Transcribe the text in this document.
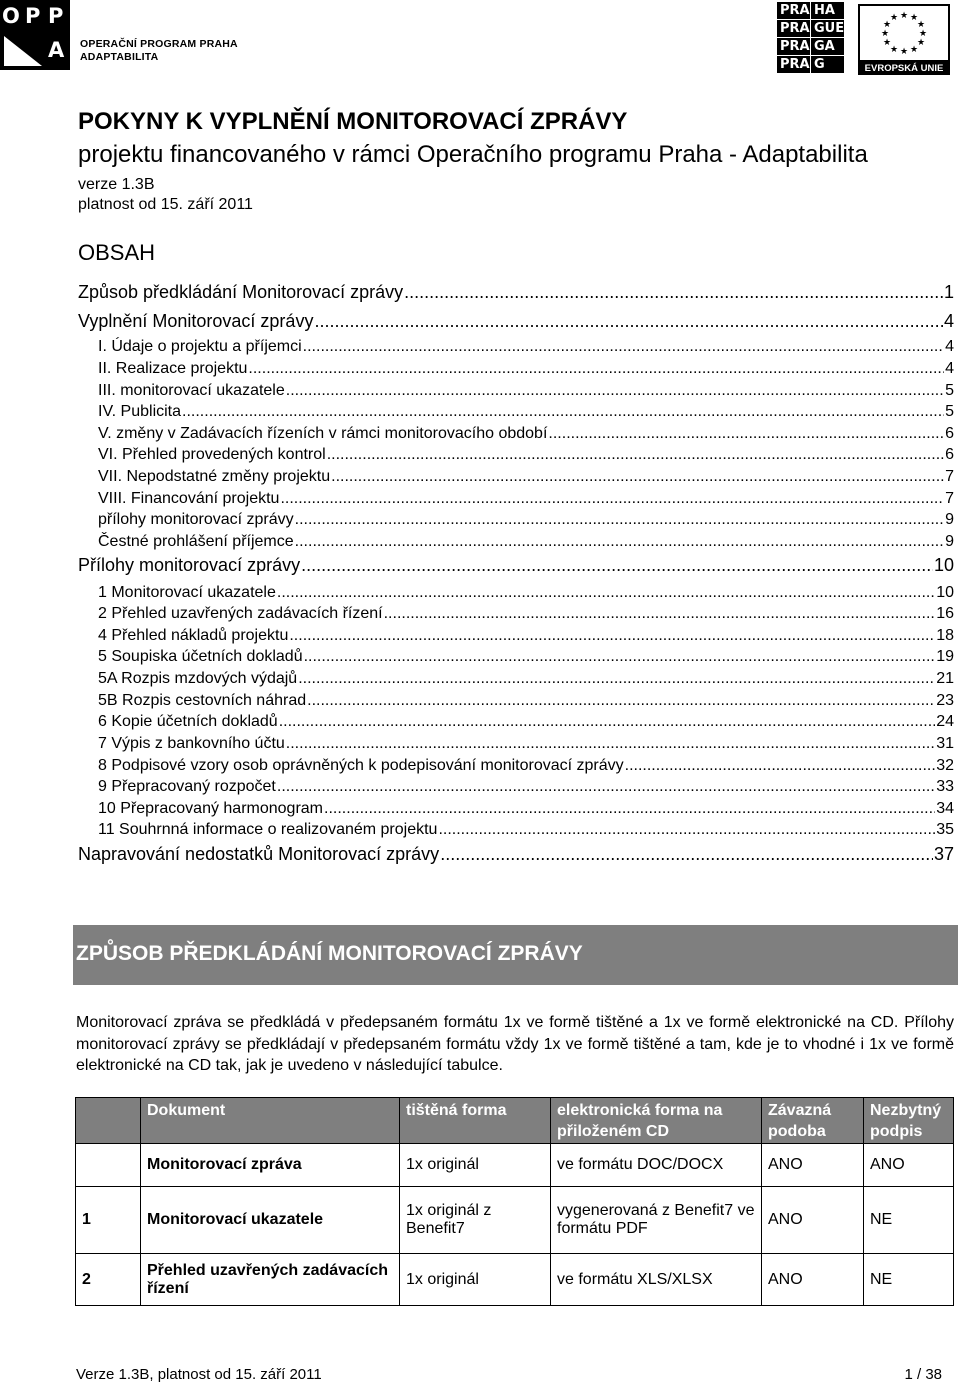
O P P
A OPERAČNÍ PROGRAM PRAHA
ADAPTABILITA
PRA HA
PRA GUE
PRA GA
PRA G
★ ★
★
★
★
★
★
★
★
★
★
★
EVROPSKÁ UNIE
POKYNY K VYPLNĚNÍ MONITOROVACÍ ZPRÁVY
projektu financovaného v rámci Operačního programu Praha - Adaptabilita
verze 1.3B
platnost od 15. září 2011
OBSAH
Způsob předkládání Monitorovací zprávy .....	1
Vyplnění Monitorovací zprávy .....	4
I. Údaje o projektu a příjemci .....	4
II. Realizace projektu .....	4
III. monitorovací ukazatele .....	5
IV. Publicita .....	5
V. změny v Zadávacích řízeních v rámci monitorovacího období .....	6
VI. Přehled provedených kontrol .....	6
VII. Nepodstatné změny projektu .....	7
VIII. Financování projektu .....	7
přílohy monitorovací zprávy .....	9
Čestné prohlášení příjemce .....	9
Přílohy monitorovací zprávy .....	10
1 Monitorovací ukazatele .....	10
2 Přehled uzavřených zadávacích řízení .....	16
4 Přehled nákladů projektu .....	18
5 Soupiska účetních dokladů .....	19
5A Rozpis mzdových výdajů .....	21
5B Rozpis cestovních náhrad .....	23
6 Kopie účetních dokladů .....	24
7 Výpis z bankovního účtu .....	31
8 Podpisové vzory osob oprávněných k podepisování monitorovací zprávy .....	32
9 Přepracovaný rozpočet .....	33
10 Přepracovaný harmonogram .....	34
11 Souhrnná informace o realizovaném projektu .....	35
Napravování nedostatků Monitorovací zprávy .....	37
ZPŮSOB PŘEDKLÁDÁNÍ MONITOROVACÍ ZPRÁVY
Monitorovací zpráva se předkládá v předepsaném formátu 1x ve formě tištěné a 1x ve formě elektronické na CD. Přílohy monitorovací zprávy se předkládají v předepsaném formátu vždy 1x ve formě tištěné a tam, kde je to vhodné i 1x ve formě elektronické na CD tak, jak je uvedeno v následující tabulce.
	Dokument	tištěná forma	elektronická forma na přiloženém CD	Závazná podoba	Nezbytný podpis
	Monitorovací zpráva	1x originál	ve formátu DOC/DOCX	ANO	ANO
1	Monitorovací ukazatele	1x originál z Benefit7	vygenerovaná z Benefit7 ve formátu PDF	ANO	NE
2	Přehled uzavřených zadávacích řízení	1x originál	ve formátu XLS/XLSX	ANO	NE
Verze 1.3B, platnost od 15. září 2011	1 / 38
